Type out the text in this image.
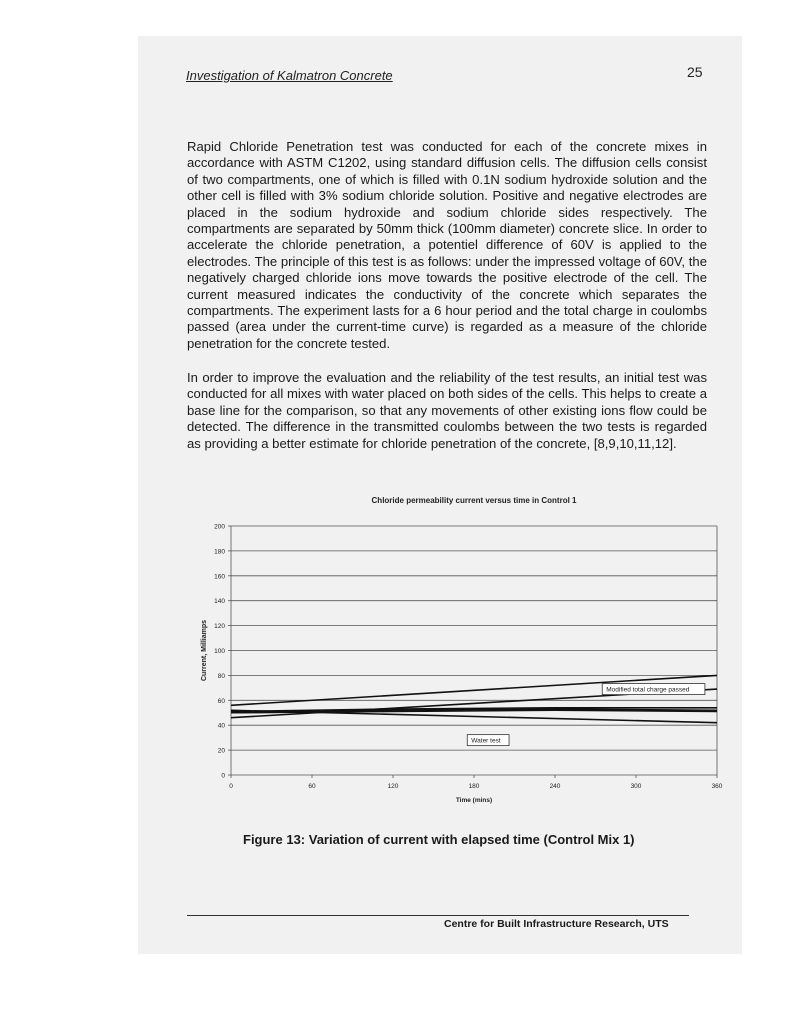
Investigation of Kalmatron Concrete	25

Rapid Chloride Penetration test was conducted for each of the concrete mixes in accordance with ASTM C1202, using standard diffusion cells. The diffusion cells consist of two compartments, one of which is filled with 0.1N sodium hydroxide solution and the other cell is filled with 3% sodium chloride solution. Positive and negative electrodes are placed in the sodium hydroxide and sodium chloride sides respectively. The compartments are separated by 50mm thick (100mm diameter) concrete slice. In order to accelerate the chloride penetration, a potentiel difference of 60V is applied to the electrodes. The principle of this test is as follows: under the impressed voltage of 60V, the negatively charged chloride ions move towards the positive electrode of the cell. The current measured indicates the conductivity of the concrete which separates the compartments. The experiment lasts for a 6 hour period and the total charge in coulombs passed (area under the current-time curve) is regarded as a measure of the chloride penetration for the concrete tested.

In order to improve the evaluation and the reliability of the test results, an initial test was conducted for all mixes with water placed on both sides of the cells. This helps to create a base line for the comparison, so that any movements of other existing ions flow could be detected. The difference in the transmitted coulombs between the two tests is regarded as providing a better estimate for chloride penetration of the concrete, [8,9,10,11,12].

Chloride permeability current versus time in Control 1
0
20
40
60
80
100
120
140
160
180
200
0	60	120	180	240	300	360
Time (mins)
Current, Milliamps
Modified total charge passed
Water test
Figure 13: Variation of current with elapsed time (Control Mix 1)
Centre for Built Infrastructure Research, UTS
